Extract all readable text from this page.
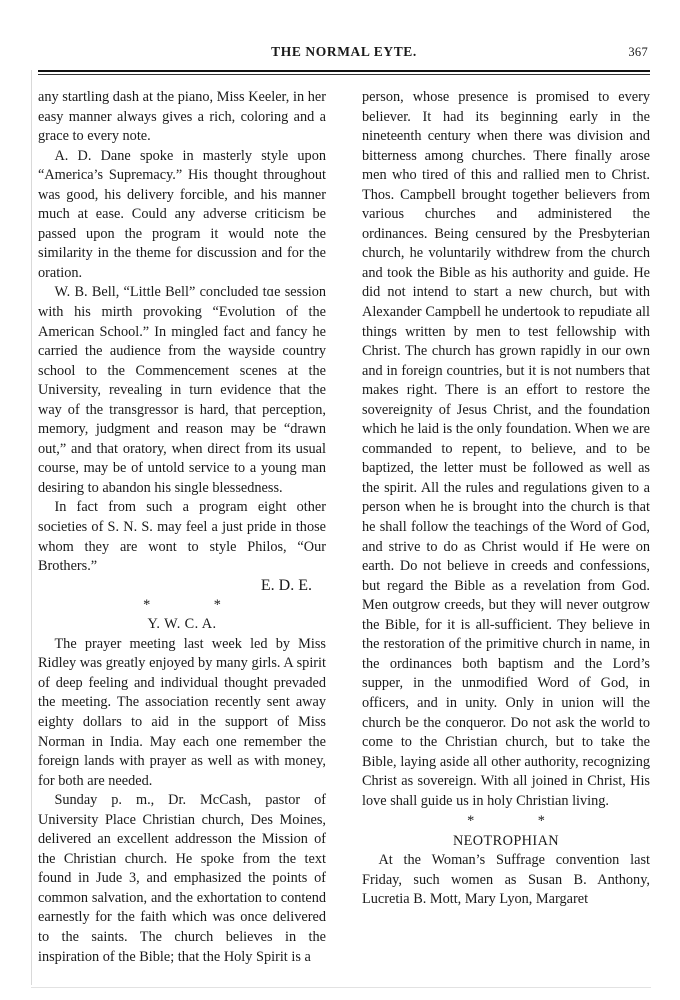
THE NORMAL EYTE.	367

any startling dash at the piano, Miss Keeler, in her easy manner always gives a rich, coloring and a grace to every note.

A. D. Dane spoke in masterly style upon “America’s Supremacy.” His thought throughout was good, his delivery forcible, and his manner much at ease. Could any adverse criticism be passed upon the program it would note the similarity in the theme for discussion and for the oration.

W. B. Bell, “Little Bell” concluded tɑe session with his mirth provoking “Evolution of the American School.” In mingled fact and fancy he carried the audience from the wayside country school to the Commencement scenes at the University, revealing in turn evidence that the way of the transgressor is hard, that perception, memory, judgment and reason may be “drawn out,” and that oratory, when direct from its usual course, may be of untold service to a young man desiring to abandon his single blessedness.

In fact from such a program eight other societies of S. N. S. may feel a just pride in those whom they are wont to style Philos, “Our Brothers.”

E. D. E.
* *
Y. W. C. A.

The prayer meeting last week led by Miss Ridley was greatly enjoyed by many girls. A spirit of deep feeling and individual thought prevaded the meeting. The association recently sent away eighty dollars to aid in the support of Miss Norman in India. May each one remember the foreign lands with prayer as well as with money, for both are needed.

Sunday p. m., Dr. McCash, pastor of University Place Christian church, Des Moines, delivered an excellent addresson the Mission of the Christian church. He spoke from the text found in Jude 3, and emphasized the points of common salvation, and the exhortation to contend earnestly for the faith which was once delivered to the saints. The church believes in the inspiration of the Bible; that the Holy Spirit is a

person, whose presence is promised to every believer. It had its beginning early in the nineteenth century when there was division and bitterness among churches. There finally arose men who tired of this and rallied men to Christ. Thos. Campbell brought together believers from various churches and administered the ordinances. Being censured by the Presbyterian church, he voluntarily withdrew from the church and took the Bible as his authority and guide. He did not intend to start a new church, but with Alexander Campbell he undertook to repudiate all things written by men to test fellowship with Christ. The church has grown rapidly in our own and in foreign countries, but it is not numbers that makes right. There is an effort to restore the sovereignity of Jesus Christ, and the foundation which he laid is the only foundation. When we are commanded to repent, to believe, and to be baptized, the letter must be followed as well as the spirit. All the rules and regulations given to a person when he is brought into the church is that he shall follow the teachings of the Word of God, and strive to do as Christ would if He were on earth. Do not believe in creeds and confessions, but regard the Bible as a revelation from God. Men outgrow creeds, but they will never outgrow the Bible, for it is all-sufficient. They believe in the restoration of the primitive church in name, in the ordinances both baptism and the Lord’s supper, in the unmodified Word of God, in officers, and in unity. Only in union will the church be the conqueror. Do not ask the world to come to the Christian church, but to take the Bible, laying aside all other authority, recognizing Christ as sovereign. With all joined in Christ, His love shall guide us in holy Christian living.

* *
NEOTROPHIAN

At the Woman’s Suffrage convention last Friday, such women as Susan B. Anthony, Lucretia B. Mott, Mary Lyon, Margaret
